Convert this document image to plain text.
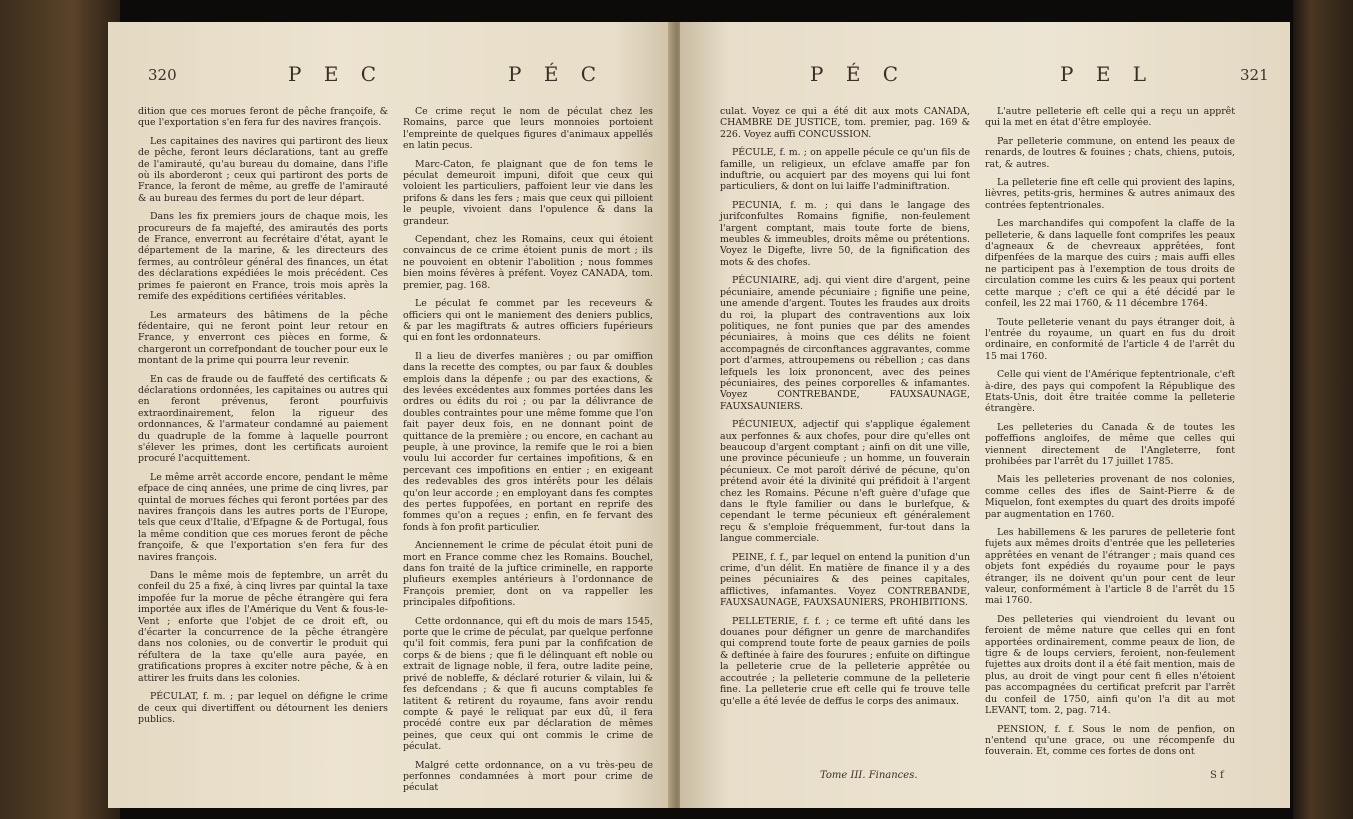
320	P E C	P É C

dition que ces morues feront de pêche françoife, & que l'exportation s'en fera fur des navires françois.

Les capitaines des navires qui partiront des lieux de pêche, feront leurs déclarations, tant au greffe de l'amirauté, qu'au bureau du domaine, dans l'ifle où ils aborderont ; ceux qui partiront des ports de France, la feront de même, au greffe de l'amirauté & au bureau des fermes du port de leur départ.

Dans les fix premiers jours de chaque mois, les procureurs de fa majefté, des amirautés des ports de France, enverront au fecrétaire d'état, ayant le département de la marine, & les directeurs des fermes, au contrôleur général des finances, un état des déclarations expédiées le mois précédent. Ces primes fe paieront en France, trois mois après la remife des expéditions certifiées véritables.

Les armateurs des bâtimens de la pêche fédentaire, qui ne feront point leur retour en France, y enverront ces pièces en forme, & chargeront un correfpondant de toucher pour eux le montant de la prime qui pourra leur revenir.

En cas de fraude ou de fauffeté des certificats & déclarations ordonnées, les capitaines ou autres qui en feront prévenus, feront pourfuivis extraordinairement, felon la rigueur des ordonnances, & l'armateur condamné au paiement du quadruple de la fomme à laquelle pourront s'élever les primes, dont les certificats auroient procuré l'acquittement.

Le même arrêt accorde encore, pendant le même efpace de cinq années, une prime de cinq livres, par quintal de morues féches qui feront portées par des navires françois dans les autres ports de l'Europe, tels que ceux d'Italie, d'Efpagne & de Portugal, fous la même condition que ces morues feront de pêche françoife, & que l'exportation s'en fera fur des navires françois.

Dans le même mois de feptembre, un arrêt du confeil du 25 a fixé, à cinq livres par quintal la taxe impofée fur la morue de pêche étrangère qui fera importée aux ifles de l'Amérique du Vent & fous-le-Vent ; enforte que l'objet de ce droit eft, ou d'écarter la concurrence de la pêche étrangère dans nos colonies, ou de convertir le produit qui réfultera de la taxe qu'elle aura payée, en gratifications propres à exciter notre pêche, & à en attirer les fruits dans les colonies.

PÉCULAT, f. m. ; par lequel on défigne le crime de ceux qui divertiffent ou détournent les deniers publics.

Ce crime reçut le nom de péculat chez les Romains, parce que leurs monnoies portoient l'empreinte de quelques figures d'animaux appellés en latin pecus.

Marc-Caton, fe plaignant que de fon tems le péculat demeuroit impuni, difoit que ceux qui voloient les particuliers, paffoient leur vie dans les prifons & dans les fers ; mais que ceux qui pilloient le peuple, vivoient dans l'opulence & dans la grandeur.

Cependant, chez les Romains, ceux qui étoient convaincus de ce crime étoient punis de mort ; ils ne pouvoient en obtenir l'abolition ; nous fommes bien moins févères à préfent. Voyez CANADA, tom. premier, pag. 168.

Le péculat fe commet par les receveurs & officiers qui ont le maniement des deniers publics, & par les magiftrats & autres officiers fupérieurs qui en font les ordonnateurs.

Il a lieu de diverfes manières ; ou par omiffion dans la recette des comptes, ou par faux & doubles emplois dans la dépenfe ; ou par des exactions, & des levées excédentes aux fommes portées dans les ordres ou édits du roi ; ou par la délivrance de doubles contraintes pour une même fomme que l'on fait payer deux fois, en ne donnant point de quittance de la première ; ou encore, en cachant au peuple, à une province, la remife que le roi a bien voulu lui accorder fur certaines impofitions, & en percevant ces impofitions en entier ; en exigeant des redevables des gros intérêts pour les délais qu'on leur accorde ; en employant dans fes comptes des pertes fuppofées, en portant en reprife des fommes qu'on a reçues ; enfin, en fe fervant des fonds à fon profit particulier.

Anciennement le crime de péculat étoit puni de mort en France comme chez les Romains. Bouchel, dans fon traité de la juftice criminelle, en rapporte plufieurs exemples antérieurs à l'ordonnance de François premier, dont on va rappeller les principales difpofitions.

Cette ordonnance, qui eft du mois de mars 1545, porte que le crime de péculat, par quelque perfonne qu'il foit commis, fera puni par la confifcation de corps & de biens ; que fi le délinquant eft noble ou extrait de lignage noble, il fera, outre ladite peine, privé de nobleffe, & déclaré roturier & vilain, lui & fes defcendans ; & que fi aucuns comptables fe latitent & retirent du royaume, fans avoir rendu compte & payé le reliquat par eux dû, il fera procédé contre eux par déclaration de mêmes peines, que ceux qui ont commis le crime de péculat.

Malgré cette ordonnance, on a vu très-peu de perfonnes condamnées à mort pour crime de péculat

P É C	P E L	321

culat. Voyez ce qui a été dit aux mots CANADA, CHAMBRE DE JUSTICE, tom. premier, pag. 169 & 226. Voyez auffi CONCUSSION.

PÉCULE, f. m. ; on appelle pécule ce qu'un fils de famille, un religieux, un efclave amaffe par fon induftrie, ou acquiert par des moyens qui lui font particuliers, & dont on lui laiffe l'adminiftration.

PECUNIA, f. m. ; qui dans le langage des jurifconfultes Romains fignifie, non-feulement l'argent comptant, mais toute forte de biens, meubles & immeubles, droits même ou prétentions. Voyez le Digefte, livre 50, de la fignification des mots & des chofes.

PÉCUNIAIRE, adj. qui vient dire d'argent, peine pécuniaire, amende pécuniaire ; fignifie une peine, une amende d'argent. Toutes les fraudes aux droits du roi, la plupart des contraventions aux loix politiques, ne font punies que par des amendes pécuniaires, à moins que ces délits ne foient accompagnés de circonftances aggravantes, comme port d'armes, attroupemens ou rébellion ; cas dans lefquels les loix prononcent, avec des peines pécuniaires, des peines corporelles & infamantes. Voyez CONTREBANDE, FAUXSAUNAGE, FAUXSAUNIERS.

PÉCUNIEUX, adjectif qui s'applique également aux perfonnes & aux chofes, pour dire qu'elles ont beaucoup d'argent comptant ; ainfi on dit une ville, une province pécunieufe ; un homme, un fouverain pécunieux. Ce mot paroît dérivé de pécune, qu'on prétend avoir été la divinité qui préfidoit à l'argent chez les Romains. Pécune n'eft guère d'ufage que dans le ftyle familier ou dans le burlefque, & cependant le terme pécunieux eft généralement reçu & s'emploie fréquemment, fur-tout dans la langue commerciale.

PEINE, f. f., par lequel on entend la punition d'un crime, d'un délit. En matière de finance il y a des peines pécuniaires & des peines capitales, afflictives, infamantes. Voyez CONTREBANDE, FAUXSAUNAGE, FAUXSAUNIERS, PROHIBITIONS.

PELLETERIE, f. f. ; ce terme eft ufité dans les douanes pour défigner un genre de marchandifes qui comprend toute forte de peaux garnies de poils & deftinée à faire des fourures ; enfuite on diftingue la pelleterie crue de la pelleterie apprêtée ou accoutrée ; la pelleterie commune de la pelleterie fine. La pelleterie crue eft celle qui fe trouve telle qu'elle a été levée de deffus le corps des animaux.

L'autre pelleterie eft celle qui a reçu un apprêt qui la met en état d'être employée.

Par pelleterie commune, on entend les peaux de renards, de loutres & fouines ; chats, chiens, putois, rat, & autres.

La pelleterie fine eft celle qui provient des lapins, lièvres, petits-gris, hermines & autres animaux des contrées feptentrionales.

Les marchandifes qui compofent la claffe de la pelleterie, & dans laquelle font comprifes les peaux d'agneaux & de chevreaux apprêtées, font difpenfées de la marque des cuirs ; mais auffi elles ne participent pas à l'exemption de tous droits de circulation comme les cuirs & les peaux qui portent cette marque ; c'eft ce qui a été décidé par le confeil, les 22 mai 1760, & 11 décembre 1764.

Toute pelleterie venant du pays étranger doit, à l'entrée du royaume, un quart en fus du droit ordinaire, en conformité de l'article 4 de l'arrêt du 15 mai 1760.

Celle qui vient de l'Amérique feptentrionale, c'eft à-dire, des pays qui compofent la République des Etats-Unis, doit être traitée comme la pelleterie étrangère.

Les pelleteries du Canada & de toutes les poffeffions angloifes, de même que celles qui viennent directement de l'Angleterre, font prohibées par l'arrêt du 17 juillet 1785.

Mais les pelleteries provenant de nos colonies, comme celles des ifles de Saint-Pierre & de Miquelon, font exemptes du quart des droits impofé par augmentation en 1760.

Les habillemens & les parures de pelleterie font fujets aux mêmes droits d'entrée que les pelleteries apprêtées en venant de l'étranger ; mais quand ces objets font expédiés du royaume pour le pays étranger, ils ne doivent qu'un pour cent de leur valeur, conformément à l'article 8 de l'arrêt du 15 mai 1760.

Des pelleteries qui viendroient du levant ou feroient de même nature que celles qui en font apportées ordinairement, comme peaux de lion, de tigre & de loups cerviers, feroient, non-feulement fujettes aux droits dont il a été fait mention, mais de plus, au droit de vingt pour cent fi elles n'étoient pas accompagnées du certificat prefcrit par l'arrêt du confeil de 1750, ainfi qu'on l'a dit au mot LEVANT, tom. 2, pag. 714.

PENSION, f. f. Sous le nom de penfion, on n'entend qu'une grace, ou une récompenfe du fouverain. Et, comme ces fortes de dons ont

Tome III. Finances.	S f
